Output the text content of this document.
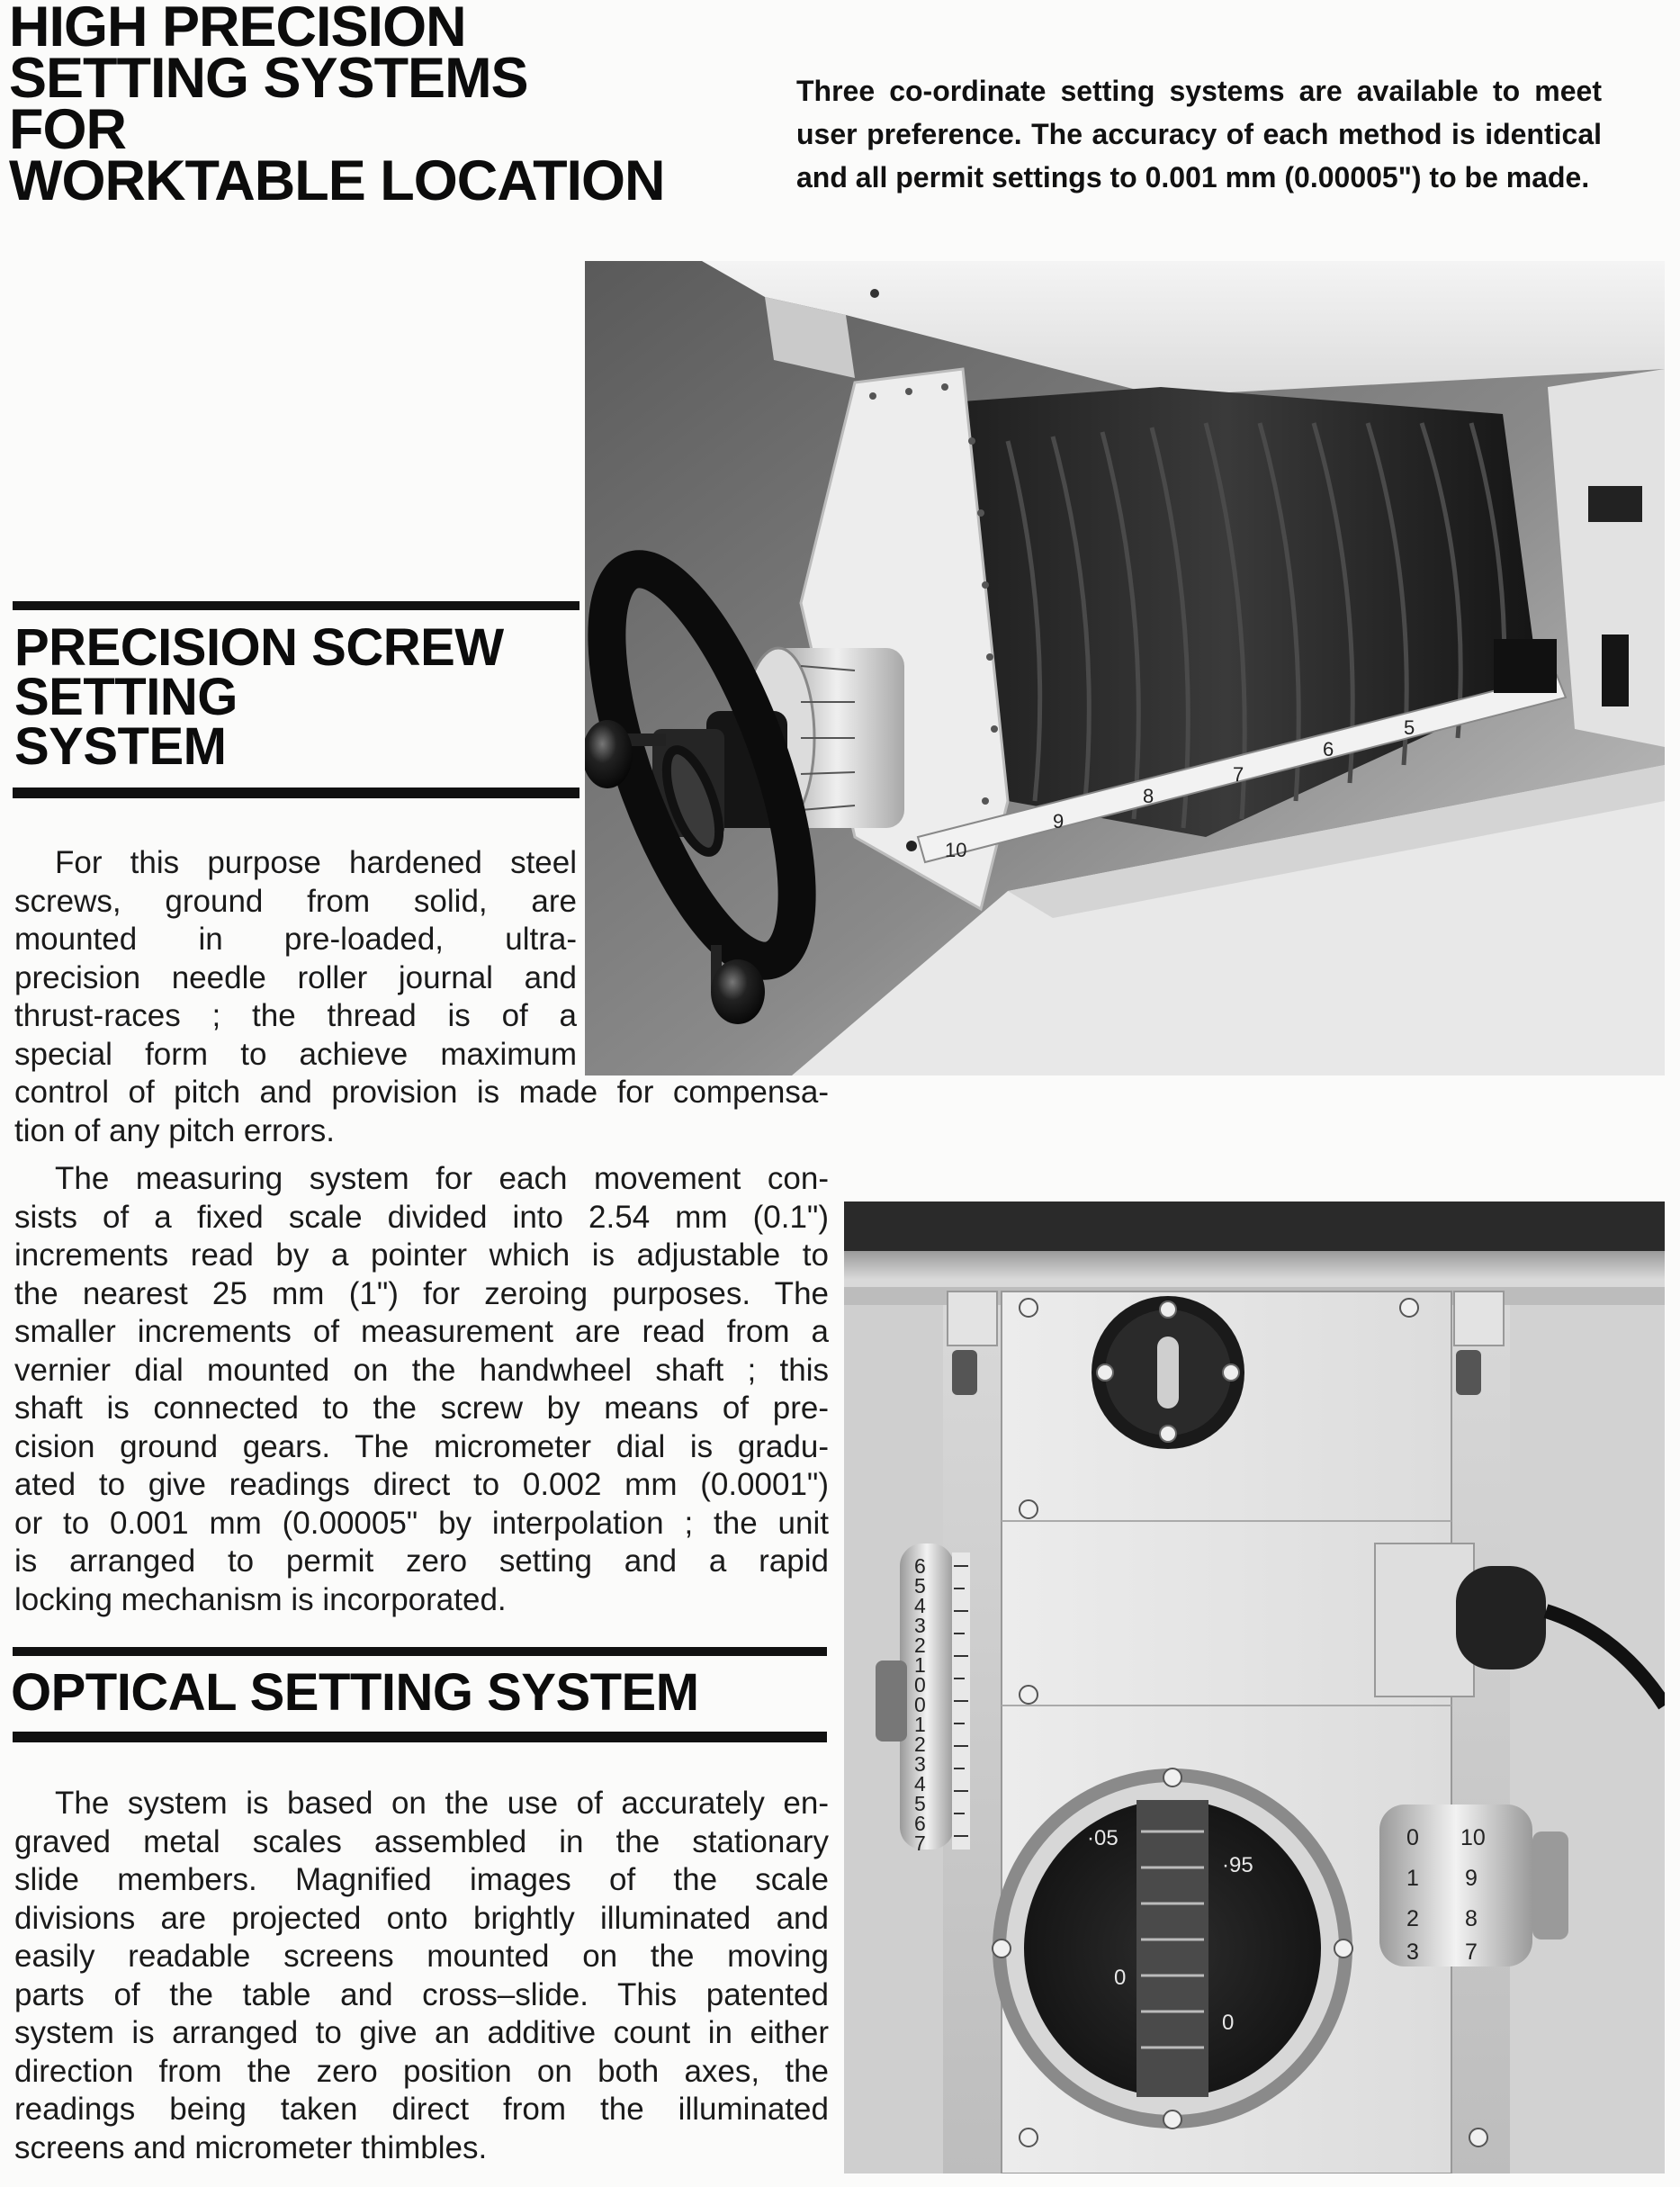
HIGH PRECISION
SETTING SYSTEMS
FOR
WORKTABLE LOCATION

Three co-ordinate setting systems are available to meet user preference. The accuracy of each method is identical and all permit settings to 0.001 mm (0.00005") to be made.

10
9
8
7
6
5
PRECISION SCREW
SETTING
SYSTEM
For this purpose hardened steel
screws, ground from solid, are
mounted in pre-loaded, ultra-
precision needle roller journal and
thrust-races ; the thread is of a
special form to achieve maximum
control of pitch and provision is made for compensa-
tion of any pitch errors.
The measuring system for each movement con-
sists of a fixed scale divided into 2.54 mm (0.1")
increments read by a pointer which is adjustable to
the nearest 25 mm (1") for zeroing purposes. The
smaller increments of measurement are read from a
vernier dial mounted on the handwheel shaft ; this
shaft is connected to the screw by means of pre-
cision ground gears. The micrometer dial is gradu-
ated to give readings direct to 0.002 mm (0.0001")
or to 0.001 mm (0.00005" by interpolation ; the unit
is arranged to permit zero setting and a rapid
locking mechanism is incorporated.
OPTICAL SETTING SYSTEM
The system is based on the use of accurately en-
graved metal scales assembled in the stationary
slide members. Magnified images of the scale
divisions are projected onto brightly illuminated and
easily readable screens mounted on the moving
parts of the table and cross–slide. This patented
system is arranged to give an additive count in either
direction from the zero position on both axes, the
readings being taken direct from the illuminated
screens and micrometer thimbles.
6
5
4
3
2
1
0
0
1
2
3
4
5
6
7	·05
·95
0
0
0
1
2
3
10
9
8
7
